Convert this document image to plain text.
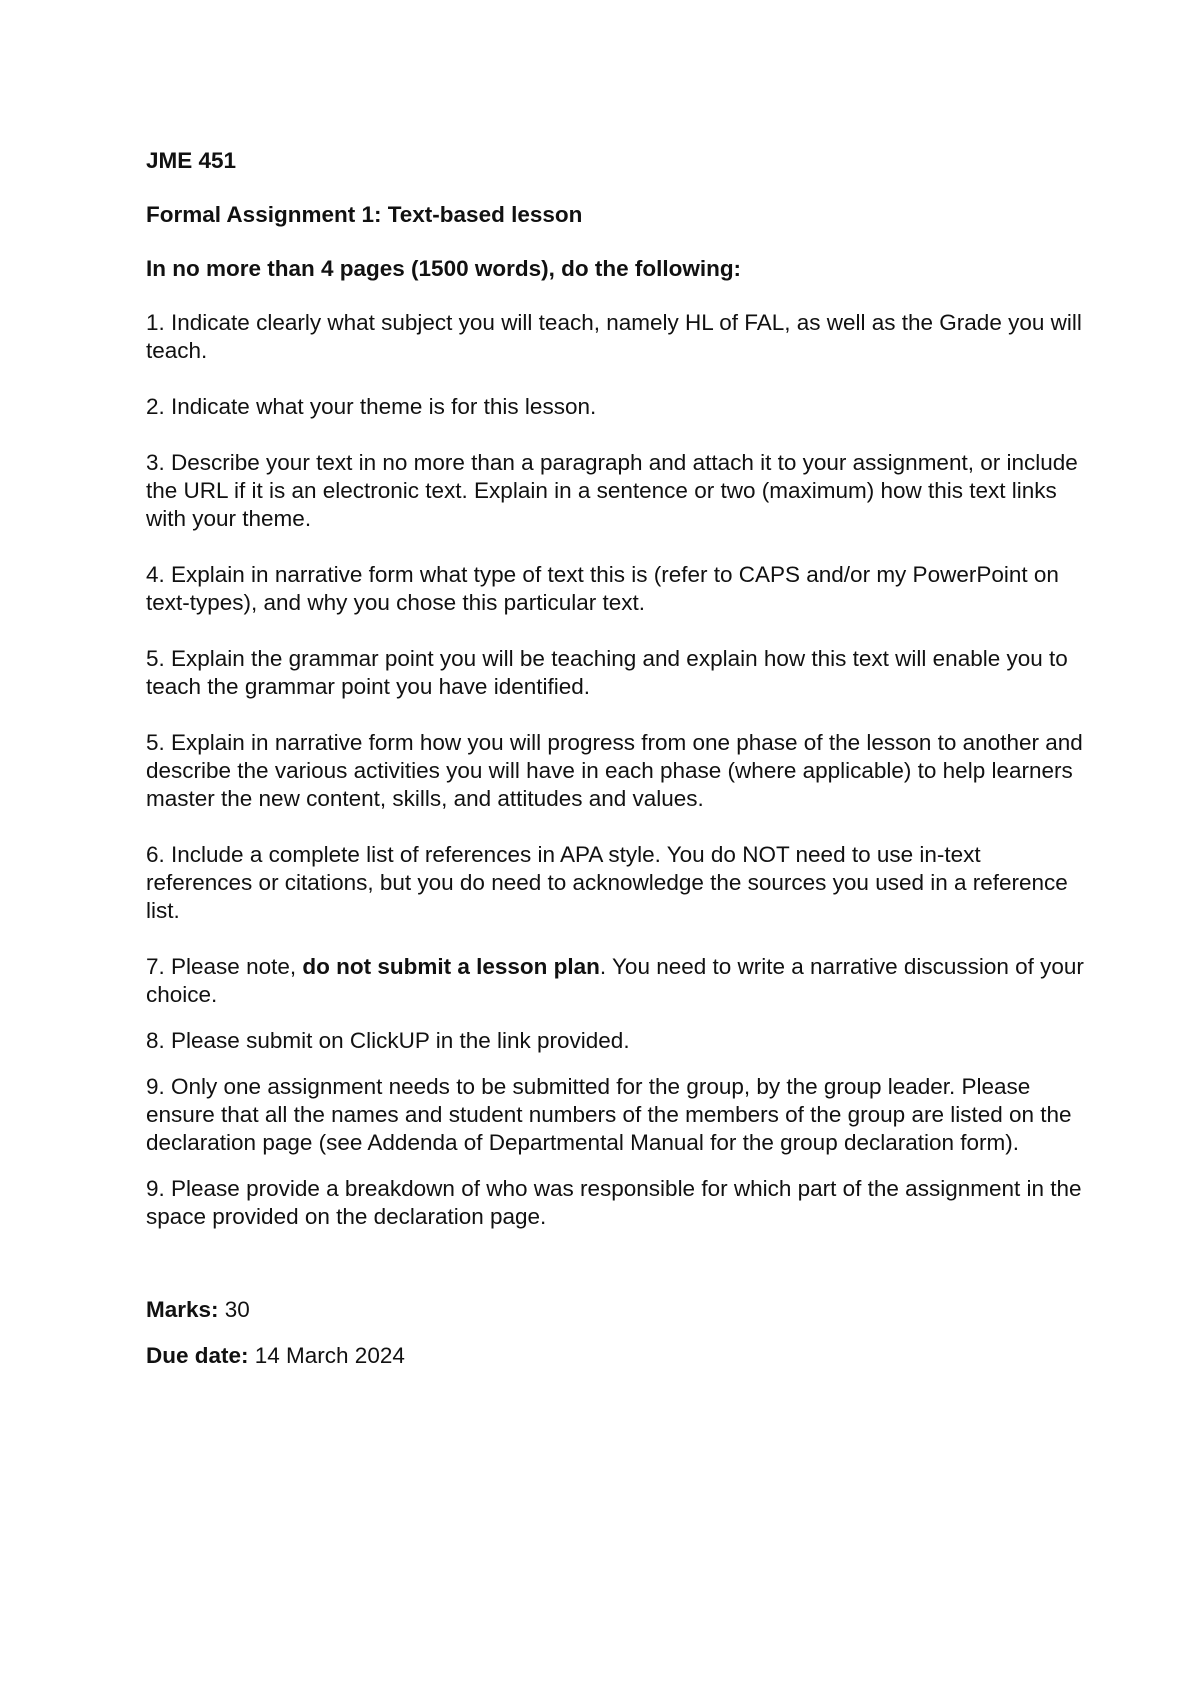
JME 451

Formal Assignment 1: Text-based lesson

In no more than 4 pages (1500 words), do the following:

1. Indicate clearly what subject you will teach, namely HL of FAL, as well as the Grade you will teach.

2. Indicate what your theme is for this lesson.

3. Describe your text in no more than a paragraph and attach it to your assignment, or include the URL if it is an electronic text. Explain in a sentence or two (maximum) how this text links with your theme.

4. Explain in narrative form what type of text this is (refer to CAPS and/or my PowerPoint on text-types), and why you chose this particular text.

5. Explain the grammar point you will be teaching and explain how this text will enable you to teach the grammar point you have identified.

5. Explain in narrative form how you will progress from one phase of the lesson to another and describe the various activities you will have in each phase (where applicable) to help learners master the new content, skills, and attitudes and values.

6. Include a complete list of references in APA style. You do NOT need to use in-text references or citations, but you do need to acknowledge the sources you used in a reference list.

7. Please note, do not submit a lesson plan. You need to write a narrative discussion of your choice.

8. Please submit on ClickUP in the link provided.

9. Only one assignment needs to be submitted for the group, by the group leader. Please ensure that all the names and student numbers of the members of the group are listed on the declaration page (see Addenda of Departmental Manual for the group declaration form).

9. Please provide a breakdown of who was responsible for which part of the assignment in the space provided on the declaration page.

Marks: 30

Due date: 14 March 2024
